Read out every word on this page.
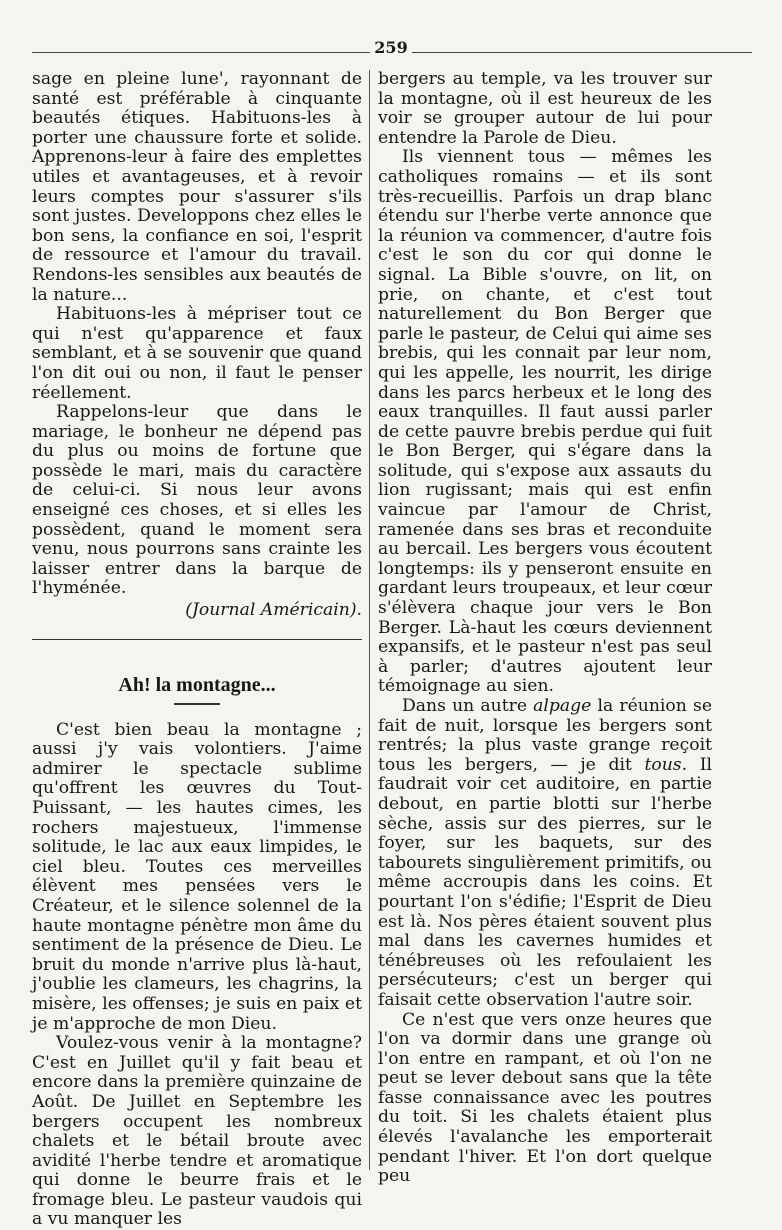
259

sage en pleine lune', rayonnant de santé est préférable à cinquante beautés étiques. Habituons-les à porter une chaussure forte et solide. Apprenons-leur à faire des emplettes utiles et avantageuses, et à revoir leurs comptes pour s'assurer s'ils sont justes. Developpons chez elles le bon sens, la confiance en soi, l'esprit de ressource et l'amour du travail. Rendons-les sensibles aux beautés de la nature...

Habituons-les à mépriser tout ce qui n'est qu'apparence et faux semblant, et à se souvenir que quand l'on dit oui ou non, il faut le penser réellement.

Rappelons-leur que dans le mariage, le bonheur ne dépend pas du plus ou moins de fortune que possède le mari, mais du caractère de celui-ci. Si nous leur avons enseigné ces choses, et si elles les possèdent, quand le moment sera venu, nous pourrons sans crainte les laisser entrer dans la barque de l'hyménée.

(Journal Américain).

Ah! la montagne...

C'est bien beau la montagne ; aussi j'y vais volontiers. J'aime admirer le spectacle sublime qu'offrent les œuvres du Tout-Puissant, — les hautes cimes, les rochers majestueux, l'immense solitude, le lac aux eaux limpides, le ciel bleu. Toutes ces merveilles élèvent mes pensées vers le Créateur, et le silence solennel de la haute montagne pénètre mon âme du sentiment de la présence de Dieu. Le bruit du monde n'arrive plus là-haut, j'oublie les clameurs, les chagrins, la misère, les offenses; je suis en paix et je m'approche de mon Dieu.

Voulez-vous venir à la montagne? C'est en Juillet qu'il y fait beau et encore dans la première quinzaine de Août. De Juillet en Septembre les bergers occupent les nombreux chalets et le bétail broute avec avidité l'herbe tendre et aromatique qui donne le beurre frais et le fromage bleu. Le pasteur vaudois qui a vu manquer les

bergers au temple, va les trouver sur la montagne, où il est heureux de les voir se grouper autour de lui pour entendre la Parole de Dieu.

Ils viennent tous — mêmes les catholiques romains — et ils sont très-recueillis. Parfois un drap blanc étendu sur l'herbe verte annonce que la réunion va commencer, d'autre fois c'est le son du cor qui donne le signal. La Bible s'ouvre, on lit, on prie, on chante, et c'est tout naturellement du Bon Berger que parle le pasteur, de Celui qui aime ses brebis, qui les connait par leur nom, qui les appelle, les nourrit, les dirige dans les parcs herbeux et le long des eaux tranquilles. Il faut aussi parler de cette pauvre brebis perdue qui fuit le Bon Berger, qui s'égare dans la solitude, qui s'expose aux assauts du lion rugissant; mais qui est enfin vaincue par l'amour de Christ, ramenée dans ses bras et reconduite au bercail. Les bergers vous écoutent longtemps: ils y penseront ensuite en gardant leurs troupeaux, et leur cœur s'élèvera chaque jour vers le Bon Berger. Là-haut les cœurs deviennent expansifs, et le pasteur n'est pas seul à parler; d'autres ajoutent leur témoignage au sien.

Dans un autre alpage la réunion se fait de nuit, lorsque les bergers sont rentrés; la plus vaste grange reçoit tous les bergers, — je dit tous. Il faudrait voir cet auditoire, en partie debout, en partie blotti sur l'herbe sèche, assis sur des pierres, sur le foyer, sur les baquets, sur des tabourets singulièrement primitifs, ou même accroupis dans les coins. Et pourtant l'on s'édifie; l'Esprit de Dieu est là. Nos pères étaient souvent plus mal dans les cavernes humides et ténébreuses où les refoulaient les persécuteurs; c'est un berger qui faisait cette observation l'autre soir.

Ce n'est que vers onze heures que l'on va dormir dans une grange où l'on entre en rampant, et où l'on ne peut se lever debout sans que la tête fasse connaissance avec les poutres du toit. Si les chalets étaient plus élevés l'avalanche les emporterait pendant l'hiver. Et l'on dort quelque peu
